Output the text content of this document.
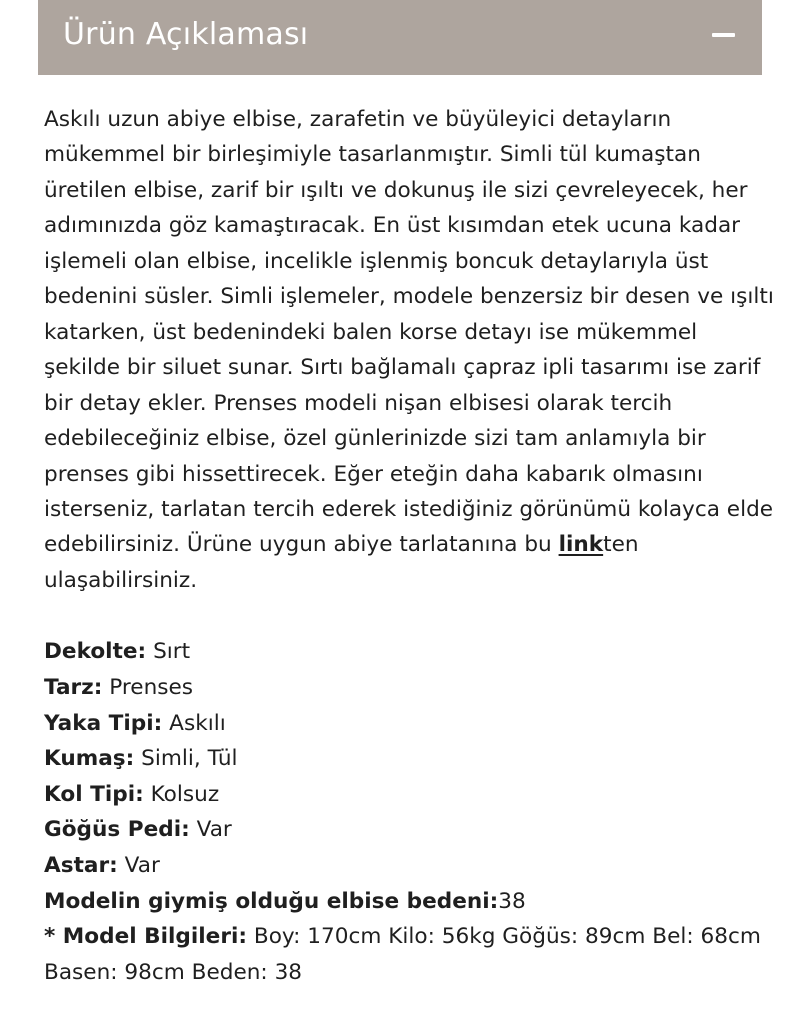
Ürün Açıklaması

Askılı uzun abiye elbise, zarafetin ve büyüleyici detayların mükemmel bir birleşimiyle tasarlanmıştır. Simli tül kumaştan üretilen elbise, zarif bir ışıltı ve dokunuş ile sizi çevreleyecek, her adımınızda göz kamaştıracak. En üst kısımdan etek ucuna kadar işlemeli olan elbise, incelikle işlenmiş boncuk detaylarıyla üst bedenini süsler. Simli işlemeler, modele benzersiz bir desen ve ışıltı katarken, üst bedenindeki balen korse detayı ise mükemmel şekilde bir siluet sunar. Sırtı bağlamalı çapraz ipli tasarımı ise zarif bir detay ekler. Prenses modeli nişan elbisesi olarak tercih edebileceğiniz elbise, özel günlerinizde sizi tam anlamıyla bir prenses gibi hissettirecek. Eğer eteğin daha kabarık olmasını isterseniz, tarlatan tercih ederek istediğiniz görünümü kolayca elde edebilirsiniz. Ürüne uygun abiye tarlatanına bu linkten ulaşabilirsiniz.

Dekolte: Sırt
Tarz: Prenses
Yaka Tipi: Askılı
Kumaş: Simli, Tül
Kol Tipi: Kolsuz
Göğüs Pedi: Var
Astar: Var
Modelin giymiş olduğu elbise bedeni:38
* Model Bilgileri: Boy: 170cm Kilo: 56kg Göğüs: 89cm Bel: 68cm Basen: 98cm Beden: 38
